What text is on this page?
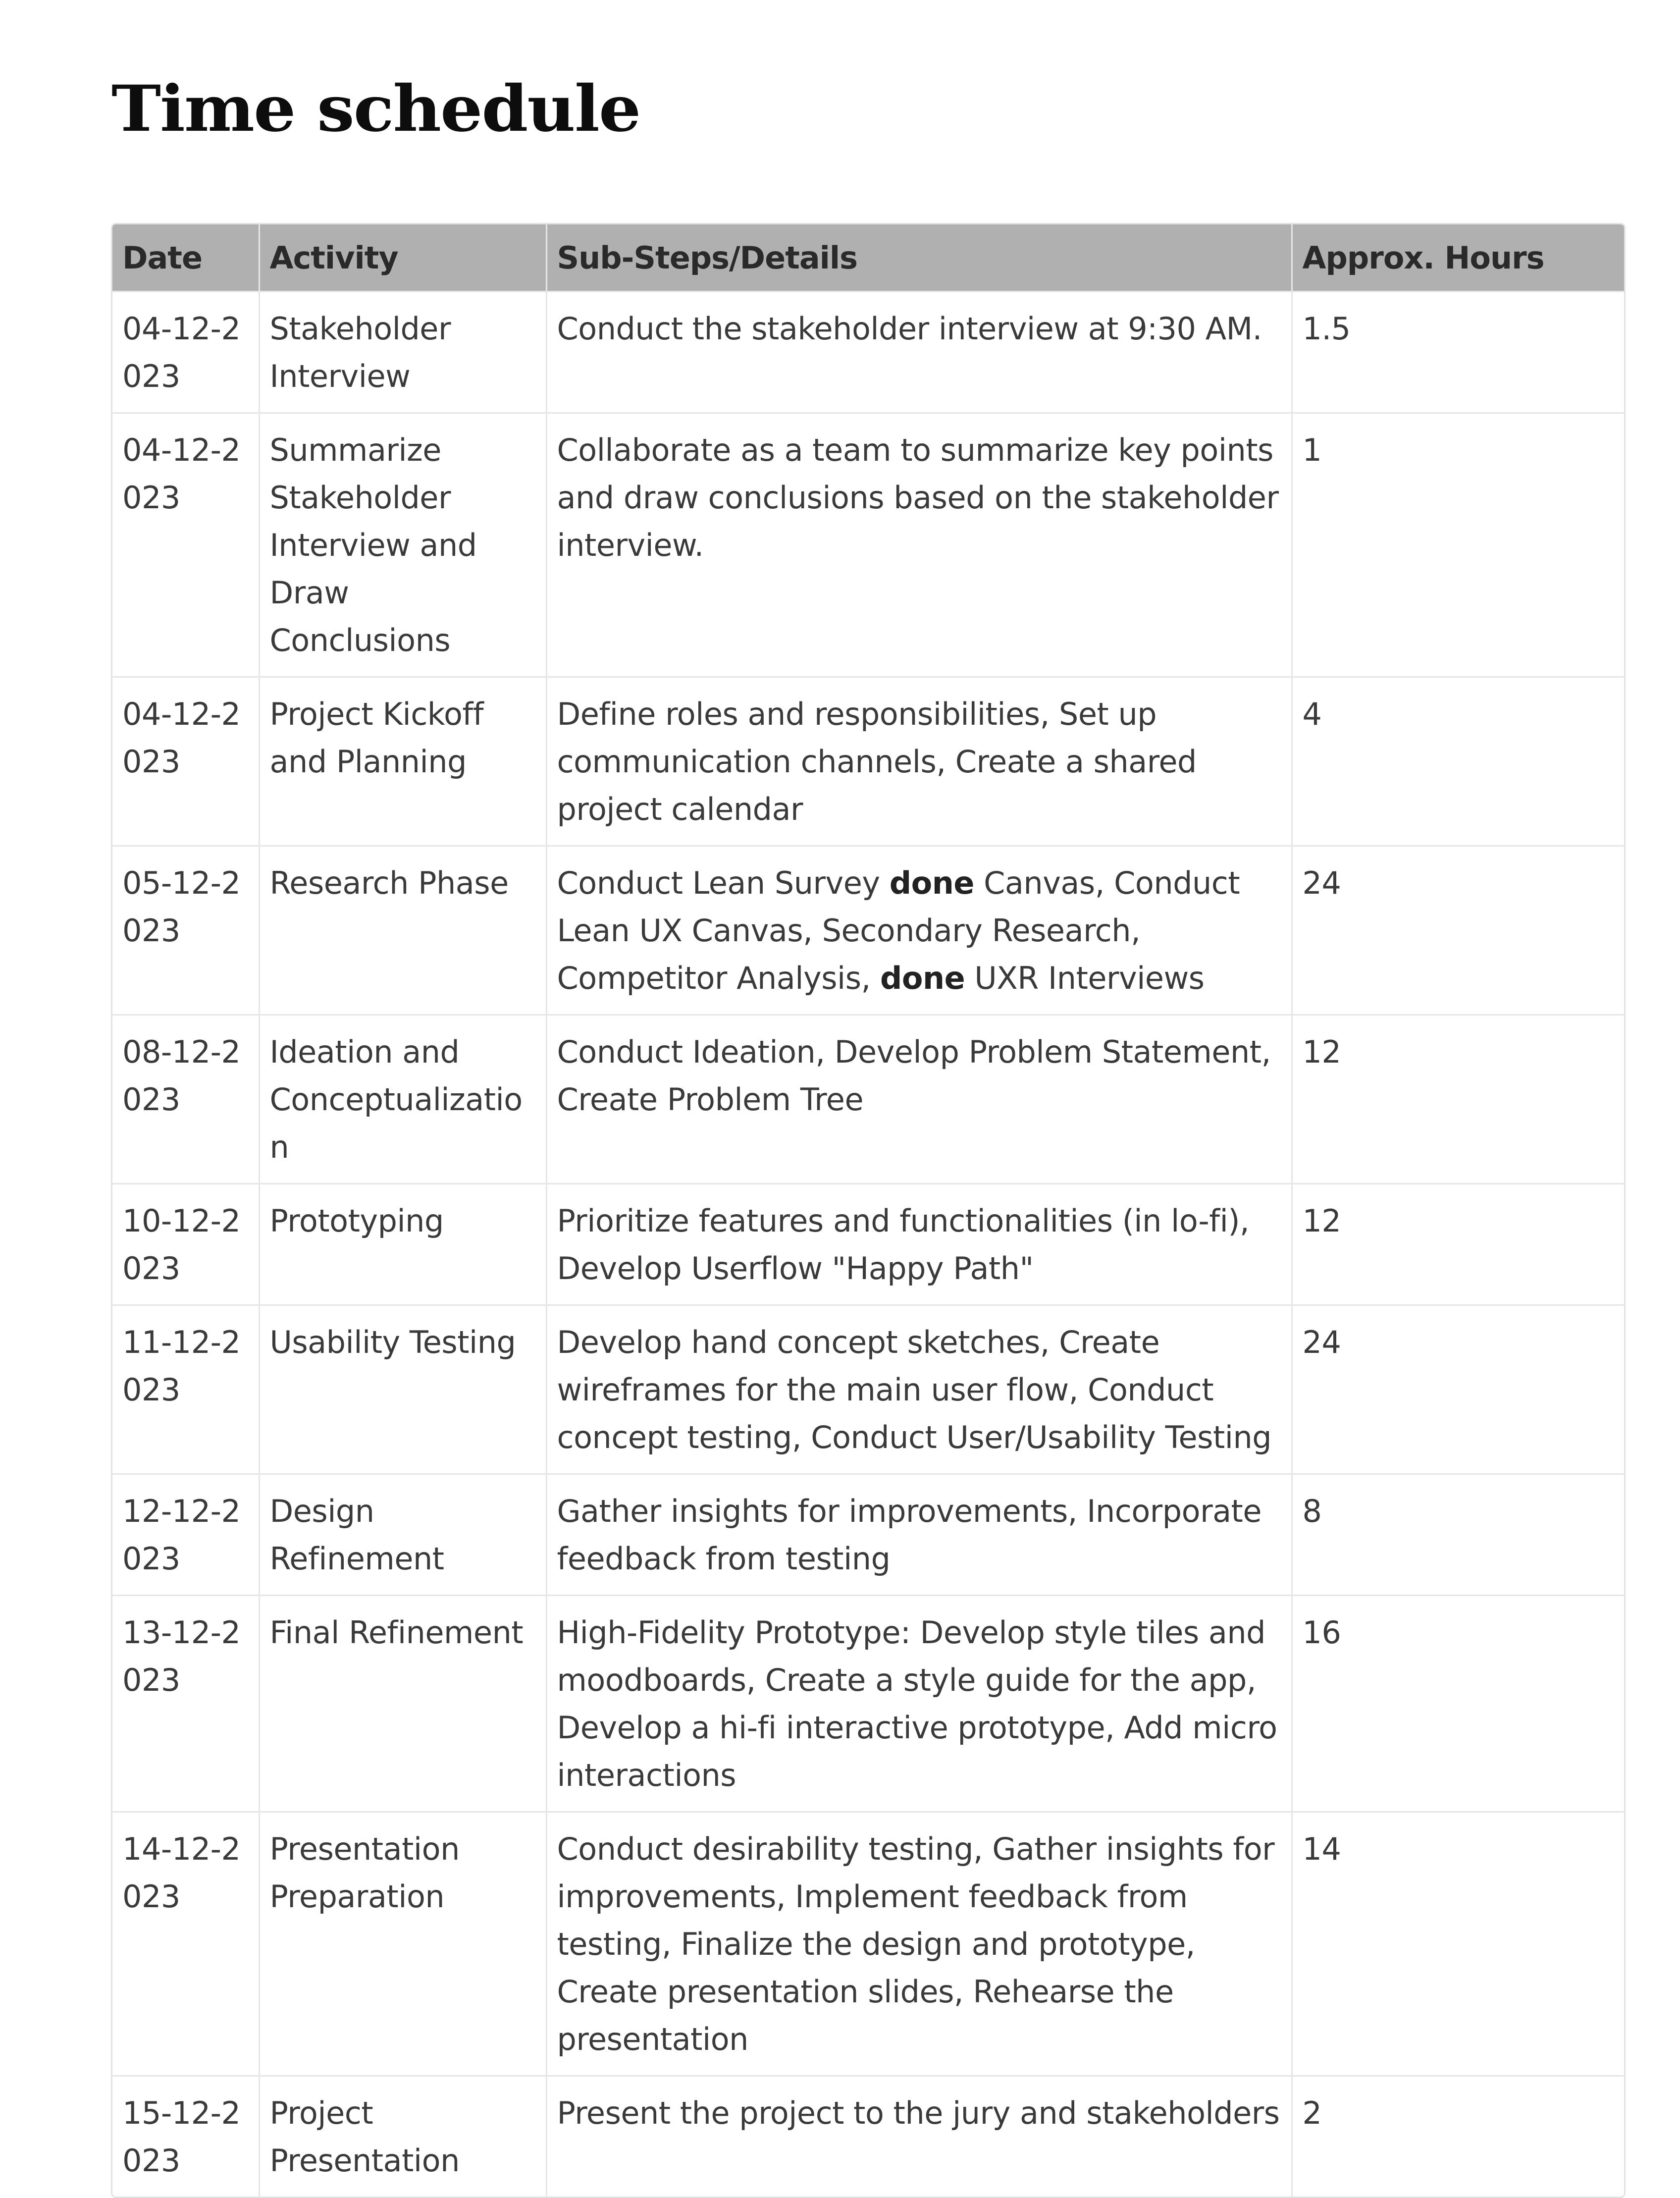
Time schedule
Date	Activity	Sub-Steps/Details	Approx. Hours
04-12-2023	Stakeholder Interview	Conduct the stakeholder interview at 9:30 AM.	1.5
04-12-2023	Summarize Stakeholder Interview and Draw Conclusions	Collaborate as a team to summarize key points and draw conclusions based on the stakeholder interview.	1
04-12-2023	Project Kickoff and Planning	Define roles and responsibilities, Set up communication channels, Create a shared project calendar	4
05-12-2023	Research Phase	Conduct Lean Survey done Canvas, Conduct Lean UX Canvas, Secondary Research, Competitor Analysis, done UXR Interviews	24
08-12-2023	Ideation and Conceptualization	Conduct Ideation, Develop Problem Statement, Create Problem Tree	12
10-12-2023	Prototyping	Prioritize features and functionalities (in lo-fi), Develop Userflow "Happy Path"	12
11-12-2023	Usability Testing	Develop hand concept sketches, Create wireframes for the main user flow, Conduct concept testing, Conduct User/Usability Testing	24
12-12-2023	Design Refinement	Gather insights for improvements, Incorporate feedback from testing	8
13-12-2023	Final Refinement	High-Fidelity Prototype: Develop style tiles and moodboards, Create a style guide for the app, Develop a hi-fi interactive prototype, Add micro interactions	16
14-12-2023	Presentation Preparation	Conduct desirability testing, Gather insights for improvements, Implement feedback from testing, Finalize the design and prototype, Create presentation slides, Rehearse the presentation	14
15-12-2023	Project Presentation	Present the project to the jury and stakeholders	2
